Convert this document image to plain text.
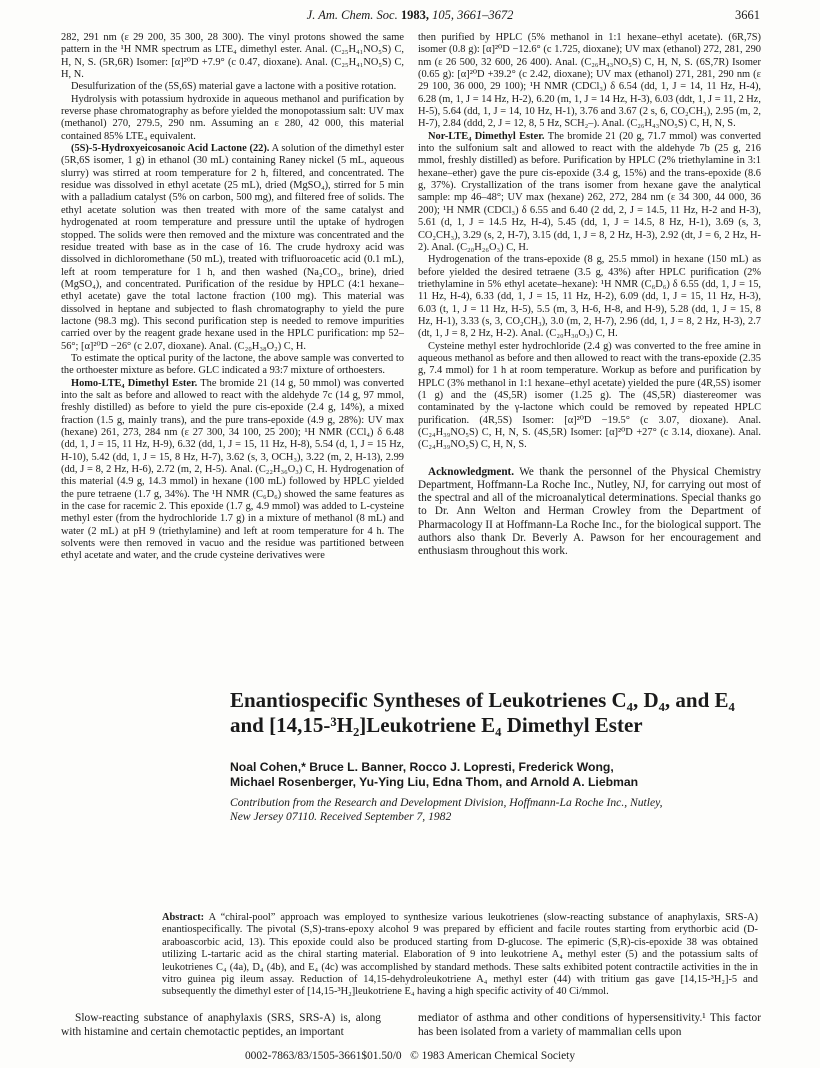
J. Am. Chem. Soc. 1983, 105, 3661–3672	3661

282, 291 nm (ε 29 200, 35 300, 28 300). The vinyl protons showed the same pattern in the ¹H NMR spectrum as LTE₄ dimethyl ester. Anal. (C₂₅H₄₁NO₅S) C, H, N, S. (5R,6R) Isomer: [α]²⁰D +7.9° (c 0.47, dioxane). Anal. (C₂₅H₄₁NO₅S) C, H, N.

Desulfurization of the (5S,6S) material gave a lactone with a positive rotation.

Hydrolysis with potassium hydroxide in aqueous methanol and purification by reverse phase chromatography as before yielded the monopotassium salt: UV max (methanol) 270, 279.5, 290 nm. Assuming an ε 280, 42 000, this material contained 85% LTE₄ equivalent.

(5S)-5-Hydroxyeicosanoic Acid Lactone (22). A solution of the dimethyl ester (5R,6S isomer, 1 g) in ethanol (30 mL) containing Raney nickel (5 mL, aqueous slurry) was stirred at room temperature for 2 h, filtered, and concentrated. The residue was dissolved in ethyl acetate (25 mL), dried (MgSO₄), stirred for 5 min with a palladium catalyst (5% on carbon, 500 mg), and filtered free of solids. The ethyl acetate solution was then treated with more of the same catalyst and hydrogenated at room temperature and pressure until the uptake of hydrogen stopped. The solids were then removed and the mixture was concentrated and the residue treated with base as in the case of 16. The crude hydroxy acid was dissolved in dichloromethane (50 mL), treated with trifluoroacetic acid (0.1 mL), left at room temperature for 1 h, and then washed (Na₂CO₃, brine), dried (MgSO₄), and concentrated. Purification of the residue by HPLC (4:1 hexane–ethyl acetate) gave the total lactone fraction (100 mg). This material was dissolved in heptane and subjected to flash chromatography to yield the pure lactone (98.3 mg). This second purification step is needed to remove impurities carried over by the reagent grade hexane used in the HPLC purification: mp 52–56°; [α]²⁰D −26° (c 2.07, dioxane). Anal. (C₂₀H₃₈O₂) C, H.

To estimate the optical purity of the lactone, the above sample was converted to the orthoester mixture as before. GLC indicated a 93:7 mixture of orthoesters.

Homo-LTE₄ Dimethyl Ester. The bromide 21 (14 g, 50 mmol) was converted into the salt as before and allowed to react with the aldehyde 7c (14 g, 97 mmol, freshly distilled) as before to yield the pure cis-epoxide (2.4 g, 14%), a mixed fraction (1.5 g, mainly trans), and the pure trans-epoxide (4.9 g, 28%): UV max (hexane) 261, 273, 284 nm (ε 27 300, 34 100, 25 200); ¹H NMR (CCl₄) δ 6.48 (dd, 1, J = 15, 11 Hz, H-9), 6.32 (dd, 1, J = 15, 11 Hz, H-8), 5.54 (d, 1, J = 15 Hz, H-10), 5.42 (dd, 1, J = 15, 8 Hz, H-7), 3.62 (s, 3, OCH₃), 3.22 (m, 2, H-13), 2.99 (dd, J = 8, 2 Hz, H-6), 2.72 (m, 2, H-5). Anal. (C₂₂H₃₆O₃) C, H. Hydrogenation of this material (4.9 g, 14.3 mmol) in hexane (100 mL) followed by HPLC yielded the pure tetraene (1.7 g, 34%). The ¹H NMR (C₆D₆) showed the same features as in the case for racemic 2. This epoxide (1.7 g, 4.9 mmol) was added to L-cysteine methyl ester (from the hydrochloride 1.7 g) in a mixture of methanol (8 mL) and water (2 mL) at pH 9 (triethylamine) and left at room temperature for 4 h. The solvents were then removed in vacuo and the residue was partitioned between ethyl acetate and water, and the crude cysteine derivatives were

then purified by HPLC (5% methanol in 1:1 hexane–ethyl acetate). (6R,7S) isomer (0.8 g): [α]²⁰D −12.6° (c 1.725, dioxane); UV max (ethanol) 272, 281, 290 nm (ε 26 500, 32 600, 26 400). Anal. (C₂₆H₄₃NO₅S) C, H, N, S. (6S,7R) Isomer (0.65 g): [α]²⁰D +39.2° (c 2.42, dioxane); UV max (ethanol) 271, 281, 290 nm (ε 29 100, 36 000, 29 100); ¹H NMR (CDCl₃) δ 6.54 (dd, 1, J = 14, 11 Hz, H-4), 6.28 (m, 1, J = 14 Hz, H-2), 6.20 (m, 1, J = 14 Hz, H-3), 6.03 (ddt, 1, J = 11, 2 Hz, H-5), 5.64 (dd, 1, J = 14, 10 Hz, H-1), 3.76 and 3.67 (2 s, 6, CO₂CH₃), 2.95 (m, 2, H-7), 2.84 (ddd, 2, J = 12, 8, 5 Hz, SCH₂–). Anal. (C₂₆H₄₃NO₅S) C, H, N, S.

Nor-LTE₄ Dimethyl Ester. The bromide 21 (20 g, 71.7 mmol) was converted into the sulfonium salt and allowed to react with the aldehyde 7b (25 g, 216 mmol, freshly distilled) as before. Purification by HPLC (2% triethylamine in 3:1 hexane–ether) gave the pure cis-epoxide (3.4 g, 15%) and the trans-epoxide (8.6 g, 37%). Crystallization of the trans isomer from hexane gave the analytical sample: mp 46–48°; UV max (hexane) 262, 272, 284 nm (ε 34 300, 44 000, 36 200); ¹H NMR (CDCl₃) δ 6.55 and 6.40 (2 dd, 2, J = 14.5, 11 Hz, H-2 and H-3), 5.61 (d, 1, J = 14.5 Hz, H-4), 5.45 (dd, 1, J = 14.5, 8 Hz, H-1), 3.69 (s, 3, CO₂CH₃), 3.29 (s, 2, H-7), 3.15 (dd, 1, J = 8, 2 Hz, H-3), 2.92 (dt, J = 6, 2 Hz, H-2). Anal. (C₂₀H₂₆O₃) C, H.

Hydrogenation of the trans-epoxide (8 g, 25.5 mmol) in hexane (150 mL) as before yielded the desired tetraene (3.5 g, 43%) after HPLC purification (2% triethylamine in 5% ethyl acetate–hexane): ¹H NMR (C₆D₆) δ 6.55 (dd, 1, J = 15, 11 Hz, H-4), 6.33 (dd, 1, J = 15, 11 Hz, H-2), 6.09 (dd, 1, J = 15, 11 Hz, H-3), 6.03 (t, 1, J = 11 Hz, H-5), 5.5 (m, 3, H-6, H-8, and H-9), 5.28 (dd, 1, J = 15, 8 Hz, H-1), 3.33 (s, 3, CO₂CH₃), 3.0 (m, 2, H-7), 2.96 (dd, 1, J = 8, 2 Hz, H-3), 2.7 (dt, 1, J = 8, 2 Hz, H-2). Anal. (C₂₀H₃₀O₃) C, H.

Cysteine methyl ester hydrochloride (2.4 g) was converted to the free amine in aqueous methanol as before and then allowed to react with the trans-epoxide (2.35 g, 7.4 mmol) for 1 h at room temperature. Workup as before and purification by HPLC (3% methanol in 1:1 hexane–ethyl acetate) yielded the pure (4R,5S) isomer (1 g) and the (4S,5R) isomer (1.25 g). The (4S,5R) diastereomer was contaminated by the γ-lactone which could be removed by repeated HPLC purification. (4R,5S) Isomer: [α]²⁰D −19.5° (c 3.07, dioxane). Anal. (C₂₄H₃₉NO₅S) C, H, N, S. (4S,5R) Isomer: [α]²⁰D +27° (c 3.14, dioxane). Anal. (C₂₄H₃₉NO₅S) C, H, N, S.

Acknowledgment. We thank the personnel of the Physical Chemistry Department, Hoffmann-La Roche Inc., Nutley, NJ, for carrying out most of the spectral and all of the microanalytical determinations. Special thanks go to Dr. Ann Welton and Herman Crowley from the Department of Pharmacology II at Hoffmann-La Roche Inc., for the biological support. The authors also thank Dr. Beverly A. Pawson for her encouragement and enthusiasm throughout this work.

Enantiospecific Syntheses of Leukotrienes C₄, D₄, and E₄
and [14,15-³H₂]Leukotriene E₄ Dimethyl Ester
Noal Cohen,* Bruce L. Banner, Rocco J. Lopresti, Frederick Wong,
Michael Rosenberger, Yu-Ying Liu, Edna Thom, and Arnold A. Liebman
Contribution from the Research and Development Division, Hoffmann-La Roche Inc., Nutley,
New Jersey 07110. Received September 7, 1982
Abstract: A “chiral-pool” approach was employed to synthesize various leukotrienes (slow-reacting substance of anaphylaxis, SRS-A) enantiospecifically. The pivotal (S,S)-trans-epoxy alcohol 9 was prepared by efficient and facile routes starting from erythorbic acid (D-araboascorbic acid, 13). This epoxide could also be produced starting from D-glucose. The epimeric (S,R)-cis-epoxide 38 was obtained utilizing L-tartaric acid as the chiral starting material. Elaboration of 9 into leukotriene A₄ methyl ester (5) and the potassium salts of leukotrienes C₄ (4a), D₄ (4b), and E₄ (4c) was accomplished by standard methods. These salts exhibited potent contractile activities in the in vitro guinea pig ileum assay. Reduction of 14,15-dehydroleukotriene A₄ methyl ester (44) with tritium gas gave [14,15-³H₂]-5 and subsequently the dimethyl ester of [14,15-³H₂]leukotriene E₄ having a high specific activity of 40 Ci/mmol.

Slow-reacting substance of anaphylaxis (SRS, SRS-A) is, along with histamine and certain chemotactic peptides, an important

mediator of asthma and other conditions of hypersensitivity.¹ This factor has been isolated from a variety of mammalian cells upon

0002-7863/83/1505-3661$01.50/0 © 1983 American Chemical Society
